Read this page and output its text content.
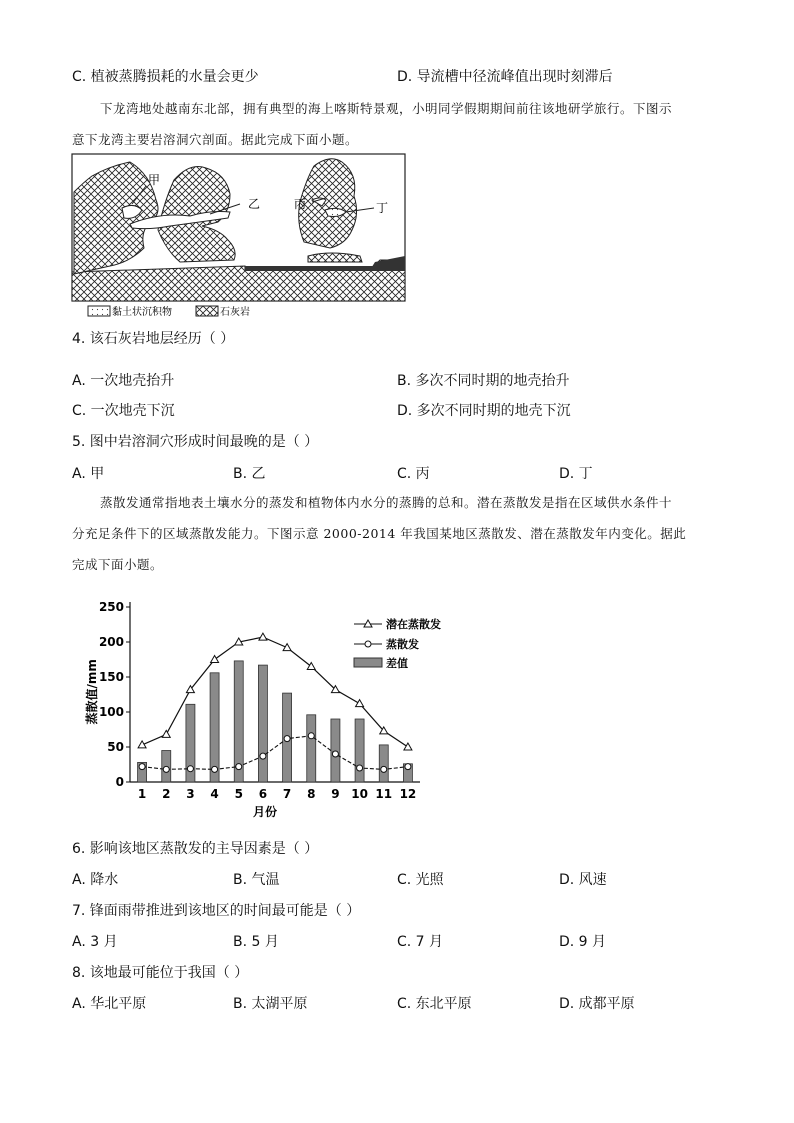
C. 植被蒸腾损耗的水量会更少	D. 导流槽中径流峰值出现时刻滞后
下龙湾地处越南东北部，拥有典型的海上喀斯特景观，小明同学假期期间前往该地研学旅行。下图示
意下龙湾主要岩溶洞穴剖面。据此完成下面小题。
甲
乙	丙	丁
黏土状沉积物	石灰岩
4. 该石灰岩地层经历（ ）
A. 一次地壳抬升	B. 多次不同时期的地壳抬升
C. 一次地壳下沉	D. 多次不同时期的地壳下沉
5. 图中岩溶洞穴形成时间最晚的是（ ）
A. 甲	B. 乙	C. 丙	D. 丁
蒸散发通常指地表土壤水分的蒸发和植物体内水分的蒸腾的总和。潜在蒸散发是指在区域供水条件十
分充足条件下的区域蒸散发能力。下图示意 2000-2014 年我国某地区蒸散发、潜在蒸散发年内变化。据此
完成下面小题。
0
50
100
150
200
250
1 2 3 4 5 6 7 8 9 10 11 12
蒸散值/mm
月份
潜在蒸散发
蒸散发
差值
6. 影响该地区蒸散发的主导因素是（ ）
A. 降水	B. 气温	C. 光照	D. 风速
7. 锋面雨带推进到该地区的时间最可能是（ ）
A. 3 月	B. 5 月	C. 7 月	D. 9 月
8. 该地最可能位于我国（ ）
A. 华北平原	B. 太湖平原	C. 东北平原	D. 成都平原
